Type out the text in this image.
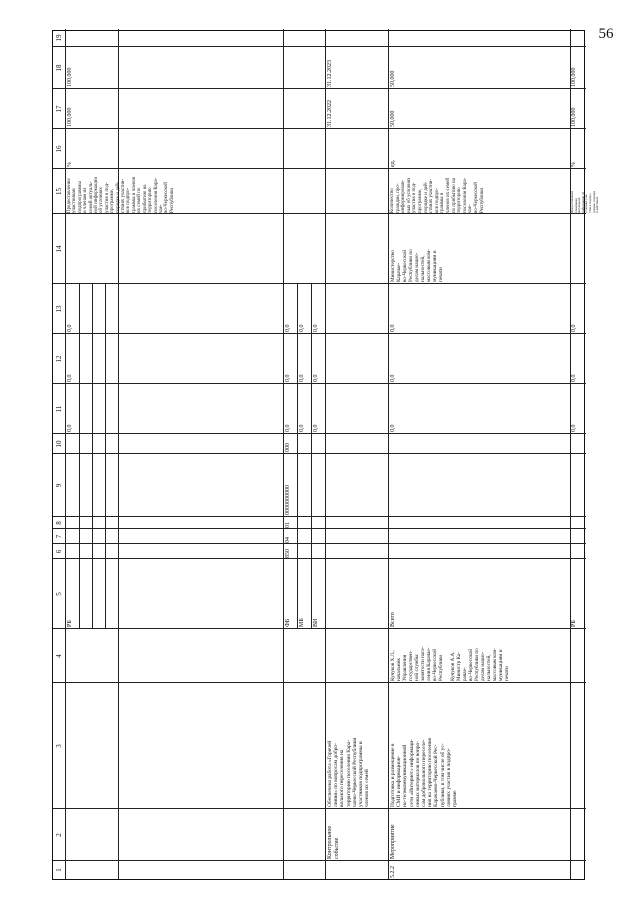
56
1
2
3
4
5
6
7
8
9
10
11
12
13
14
15
16
17
18
19
РБ
0,0
0,0
0,0
Предоставление
участникам
подпрограммы
и членам их
семей актуаль-
ной информации
об условиях
участия в под-
программе,
порядке и дей-
ствиях участни-
ков подпро-
граммы и членов
их семей по
прибытию на
территорию
поселения Кара-
чае-
во-Черкесской
Республики
%
100,000
100,000
ФБ
850
04
01
0000000000
000
0,0
0,0
0,0
МБ
0,0
0,0
0,0
ВИ
0,0
0,0
0,0
Контрольное
событие
Обеспечена работа «Горячей
линии» по вопросам добро-
вольного переселения на
территорию поселения Кара-
чаево-Черкесской Республики
участников подпрограммы и
членов их семей
31.12.2022
31.12.2023
5.2.2
Мероприятие
Подготовка и размещение в
СМИ и информацион-
но-телекоммуникационной
сети «Интернет» информаци-
онных материалов по вопро-
сам добровольного переселе-
ния на территорию поселения
Карачаево-Черкесской Рес-
публики, в том числе об ус-
ловиях участия в подпро-
грамме
Кучуков Х.Л.,
начальник
Управления
государствен-
ной службы
занятости насе-
ления Карачае-
во-Черкесской
Республики

Кучуков А.А.
Министр Ка-
рачае-
во-Черкесской
Республики по
делам нацио-
нальностей,
массовым ком-
муникациям и
печати
Всего
0,0
0,0
0,0
Министерство
Карачае-
во-Черкесской
Республики по
делам нацио-
нальностей,
массовым ком-
муникациям и
печати
Количество
граждан, про-
информирован-
ных об условиях
участия в под-
программе,
порядке и дей-
ствиях участни-
ков подпро-
граммы и
членов их семей
по прибытию на
территорию
поселения Кара-
чае-
во-Черкесской
Республики
ед.
50,000
50,000
РБ
0,0
0,0
0,0
Предоставление
гражданам
актуальной
информации об
условиях уча-
стия в подпро-
грамме, порядке
и действиях
%
100,000
100,000
